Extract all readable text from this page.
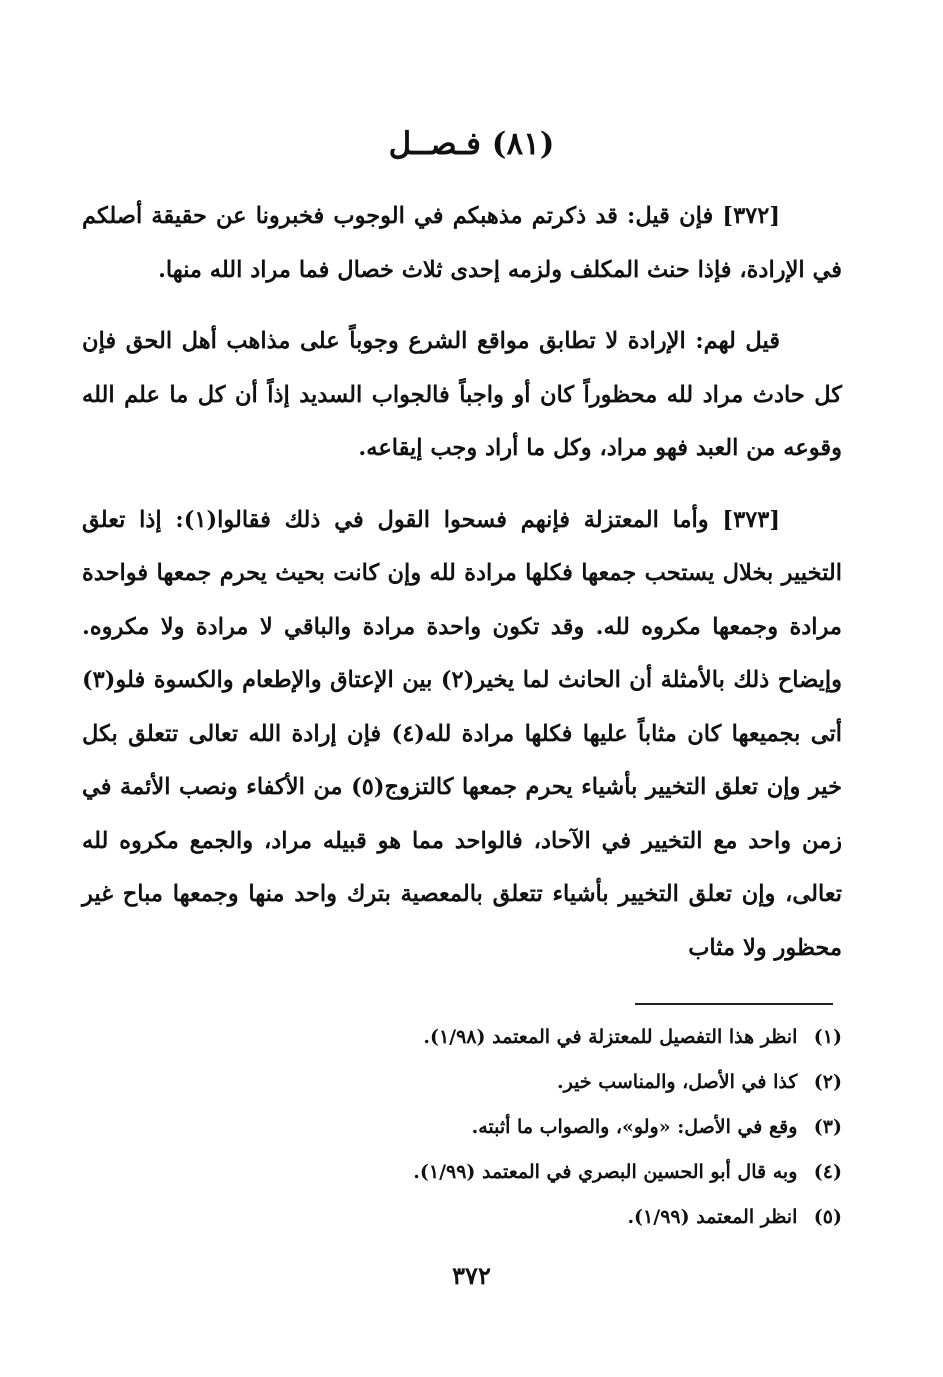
(٨١) فـصــل

[٣٧٢] فإن قيل: قد ذكرتم مذهبكم في الوجوب فخبرونا عن حقيقة أصلكم في الإرادة، فإذا حنث المكلف ولزمه إحدى ثلاث خصال فما مراد الله منها.

قيل لهم: الإرادة لا تطابق مواقع الشرع وجوباً على مذاهب أهل الحق فإن كل حادث مراد لله محظوراً كان أو واجباً فالجواب السديد إذاً أن كل ما علم الله وقوعه من العبد فهو مراد، وكل ما أراد وجب إيقاعه.

[٣٧٣] وأما المعتزلة فإنهم فسحوا القول في ذلك فقالوا(١): إذا تعلق التخيير بخلال يستحب جمعها فكلها مرادة لله وإن كانت بحيث يحرم جمعها فواحدة مرادة وجمعها مكروه لله. وقد تكون واحدة مرادة والباقي لا مرادة ولا مكروه. وإيضاح ذلك بالأمثلة أن الحانث لما يخير(٢) بين الإعتاق والإطعام والكسوة فلو(٣) أتى بجميعها كان مثاباً عليها فكلها مرادة لله(٤) فإن إرادة الله تعالى تتعلق بكل خير وإن تعلق التخيير بأشياء يحرم جمعها كالتزوج(٥) من الأكفاء ونصب الأئمة في زمن واحد مع التخيير في الآحاد، فالواحد مما هو قبيله مراد، والجمع مكروه لله تعالى، وإن تعلق التخيير بأشياء تتعلق بالمعصية بترك واحد منها وجمعها مباح غير محظور ولا مثاب

(١) انظر هذا التفصيل للمعتزلة في المعتمد (١/٩٨).
(٢) كذا في الأصل، والمناسب خير.
(٣) وقع في الأصل: «ولو»، والصواب ما أثبته.
(٤) وبه قال أبو الحسين البصري في المعتمد (١/٩٩).
(٥) انظر المعتمد (١/٩٩).
٣٧٢
